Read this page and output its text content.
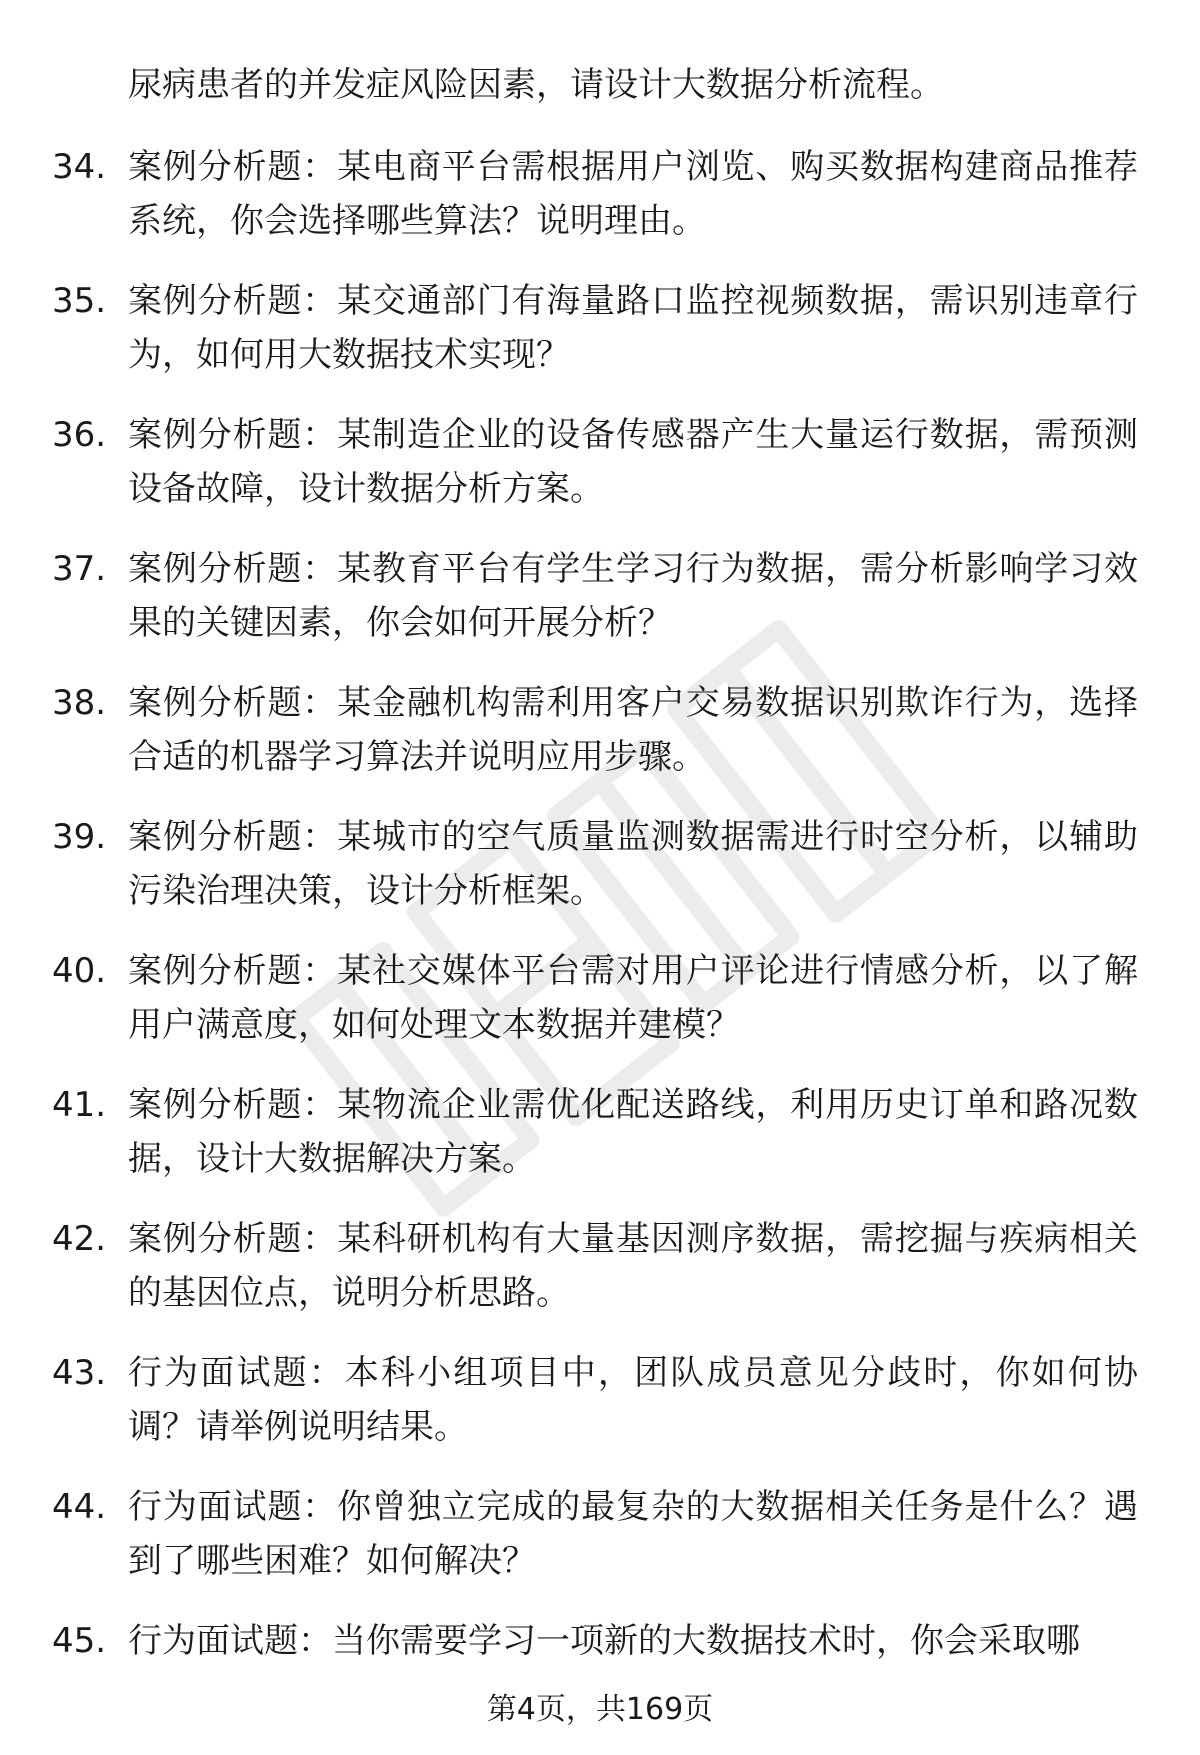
尿病患者的并发症风险因素，请设计大数据分析流程。
34. 案例分析题：某电商平台需根据用户浏览、购买数据构建商品推荐系统，你会选择哪些算法？说明理由。
35. 案例分析题：某交通部门有海量路口监控视频数据，需识别违章行为，如何用大数据技术实现？
36. 案例分析题：某制造企业的设备传感器产生大量运行数据，需预测设备故障，设计数据分析方案。
37. 案例分析题：某教育平台有学生学习行为数据，需分析影响学习效果的关键因素，你会如何开展分析？
38. 案例分析题：某金融机构需利用客户交易数据识别欺诈行为，选择合适的机器学习算法并说明应用步骤。
39. 案例分析题：某城市的空气质量监测数据需进行时空分析，以辅助污染治理决策，设计分析框架。
40. 案例分析题：某社交媒体平台需对用户评论进行情感分析，以了解用户满意度，如何处理文本数据并建模？
41. 案例分析题：某物流企业需优化配送路线，利用历史订单和路况数据，设计大数据解决方案。
42. 案例分析题：某科研机构有大量基因测序数据，需挖掘与疾病相关的基因位点，说明分析思路。
43. 行为面试题：本科小组项目中，团队成员意见分歧时，你如何协调？请举例说明结果。
44. 行为面试题：你曾独立完成的最复杂的大数据相关任务是什么？遇到了哪些困难？如何解决？
45. 行为面试题：当你需要学习一项新的大数据技术时，你会采取哪
第4页，共169页
